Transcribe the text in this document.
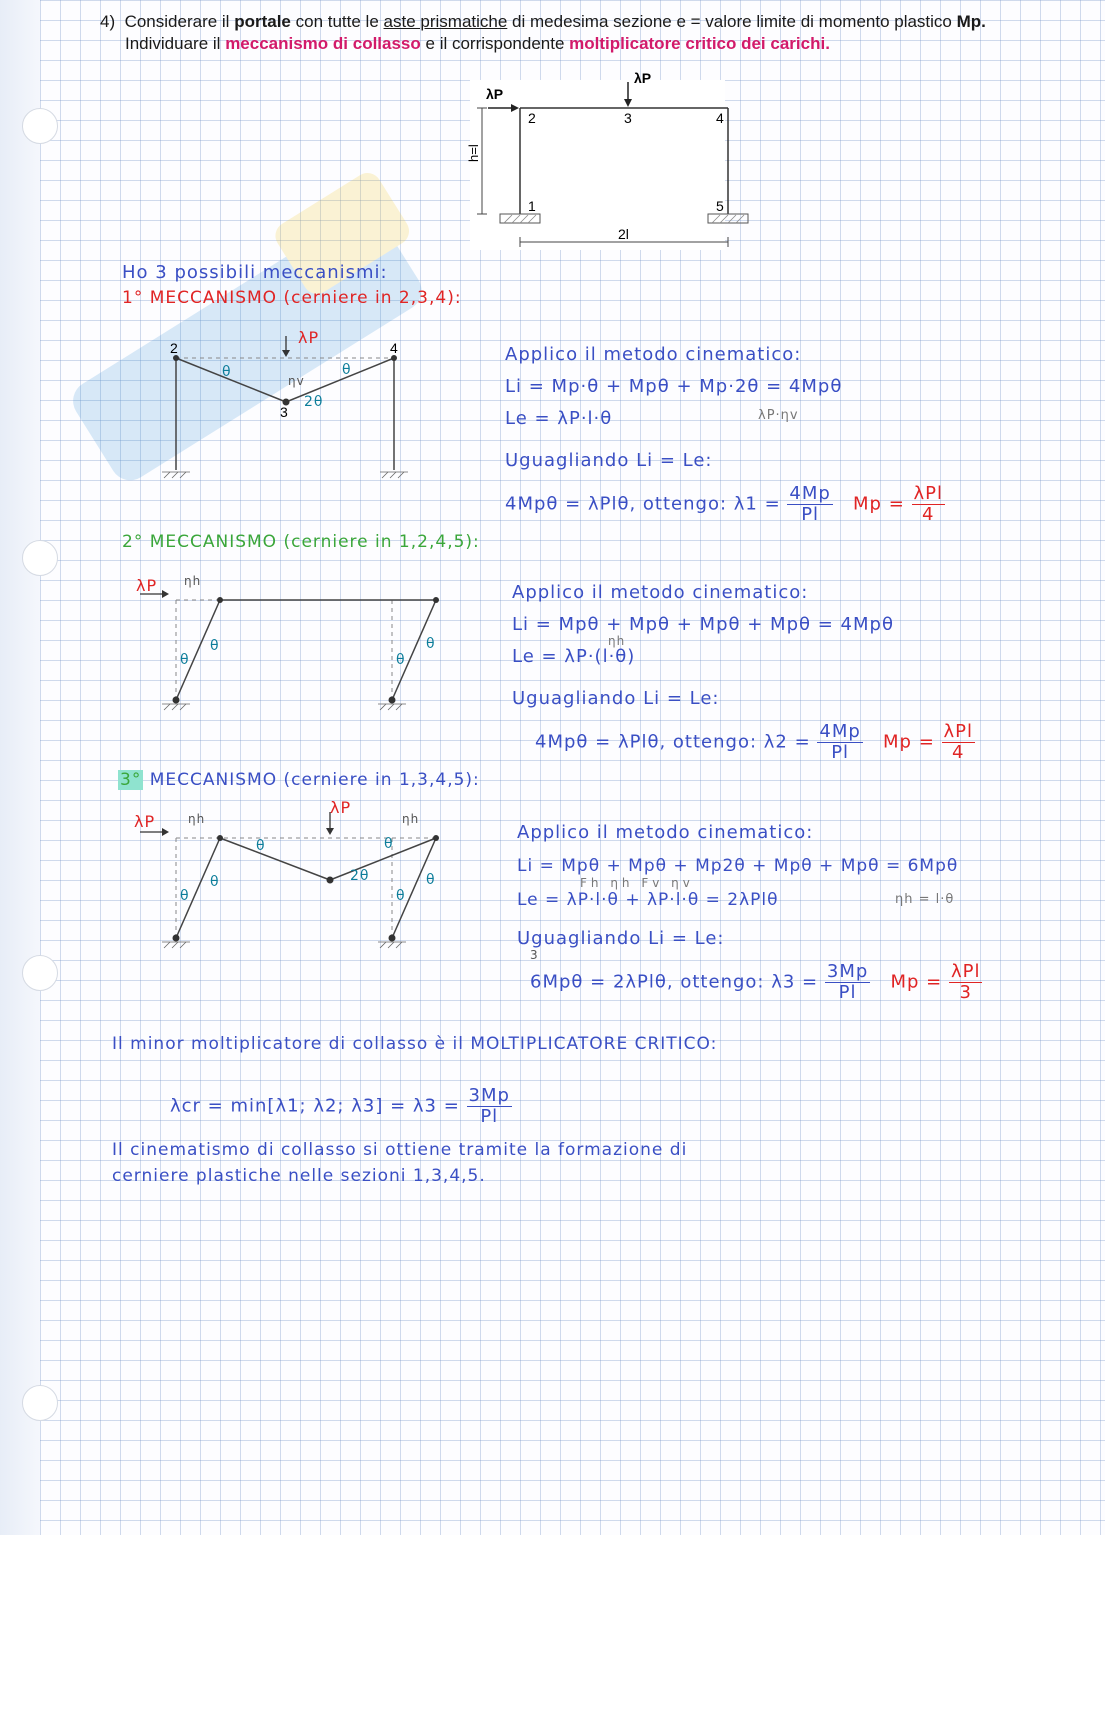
4) Considerare il portale con tutte le aste prismatiche di medesima sezione e = valore limite di momento plastico Mp.
Individuare il meccanismo di collasso e il corrispondente moltiplicatore critico dei carichi.
λP
λP
2	3	4
1	5
h=l
2l
Ho 3 possibili meccanismi:
1° MECCANISMO (cerniere in 2,3,4):
λP
2
3
4
θ	θ
2θ
ηv
Applico il metodo cinematico:
Li = Mp·θ + Mpθ + Mp·2θ = 4Mpθ
Le = λP·l·θ	λP·ηv
Uguagliando Li = Le:
4Mpθ = λPlθ, ottengo: $\lambda 1 = \frac{4Mp}{Pl}$ $Mp = \frac{\text{λPl}}{4}$
2° MECCANISMO (cerniere in 1,2,4,5):
λP ηh
θ
θ
θ
θ
Applico il metodo cinematico:
Li = Mpθ + Mpθ + Mpθ + Mpθ = 4Mpθ
ηh
Le = λP·(l·θ)
Uguagliando Li = Le:
4Mpθ = λPlθ, ottengo: $\lambda 2 = \frac{4Mp}{Pl}$ $Mp = \frac{\text{λPl}}{4}$
3° MECCANISMO (cerniere in 1,3,4,5):
λP
λP
ηh	ηh
θ	θ
2θ
θ
θ
θ
θ
Applico il metodo cinematico:
Li = Mpθ + Mpθ + Mp2θ + Mpθ + Mpθ = 6Mpθ
Fh ηh Fv ηv
Le = λP·l·θ + λP·l·θ = 2λPlθ	ηh = l·θ
Uguagliando Li = Le:
3
6Mpθ = 2λPlθ, ottengo: $\lambda 3 = \frac{3Mp}{Pl}$ $Mp = \frac{\text{λPl}}{3}$
Il minor moltiplicatore di collasso è il MOLTIPLICATORE CRITICO:
λcr = min[λ1; λ2; $\lambda 3] = \lambda 3 = \frac{3Mp}{Pl}$
Il cinematismo di collasso si ottiene tramite la formazione di
cerniere plastiche nelle sezioni 1,3,4,5.
